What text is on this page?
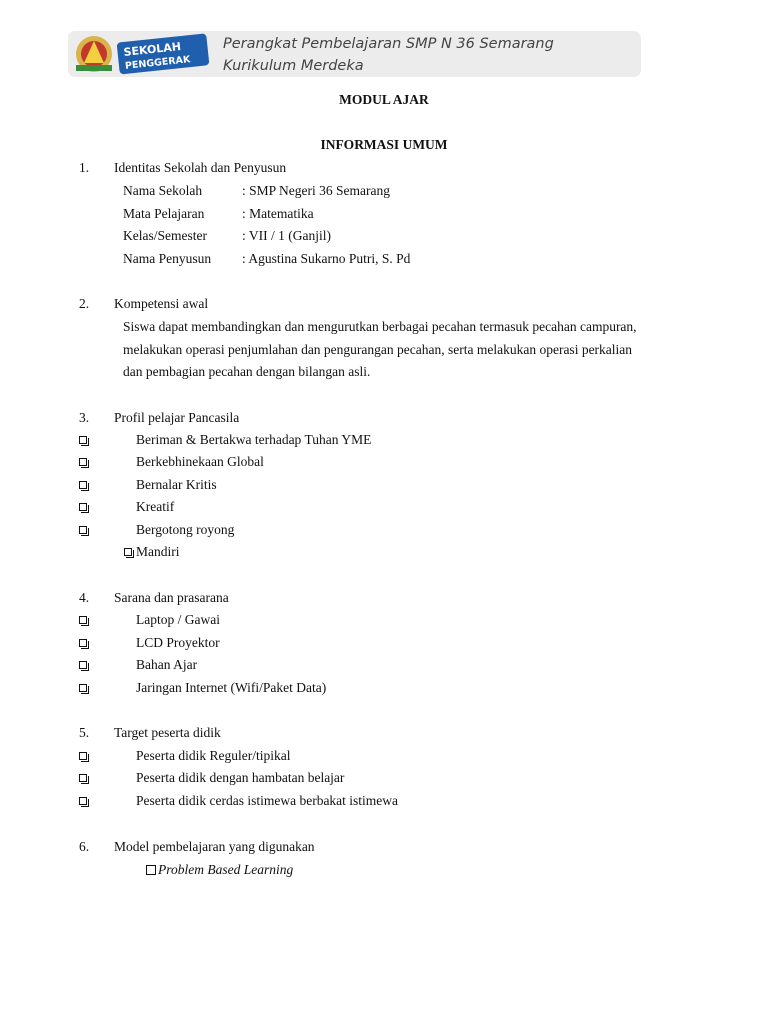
SEKOLAH
PENGGERAK
Perangkat Pembelajaran SMP N 36 Semarang
Kurikulum Merdeka
MODUL AJAR
INFORMASI UMUM
1. Identitas Sekolah dan Penyusun
Nama Sekolah	: SMP Negeri 36 Semarang
Mata Pelajaran	: Matematika
Kelas/Semester	: VII / 1 (Ganjil)
Nama Penyusun : Agustina Sukarno Putri, S. Pd
2. Kompetensi awal
Siswa dapat membandingkan dan mengurutkan berbagai pecahan termasuk pecahan campuran,
melakukan operasi penjumlahan dan pengurangan pecahan, serta melakukan operasi perkalian
dan pembagian pecahan dengan bilangan asli.
3. Profil pelajar Pancasila
Beriman & Bertakwa terhadap Tuhan YME
Berkebhinekaan Global
Bernalar Kritis
Kreatif
Bergotong royong
Mandiri
4. Sarana dan prasarana
Laptop / Gawai
LCD Proyektor
Bahan Ajar
Jaringan Internet (Wifi/Paket Data)
5. Target peserta didik
Peserta didik Reguler/tipikal
Peserta didik dengan hambatan belajar
Peserta didik cerdas istimewa berbakat istimewa
6. Model pembelajaran yang digunakan
Problem Based Learning
